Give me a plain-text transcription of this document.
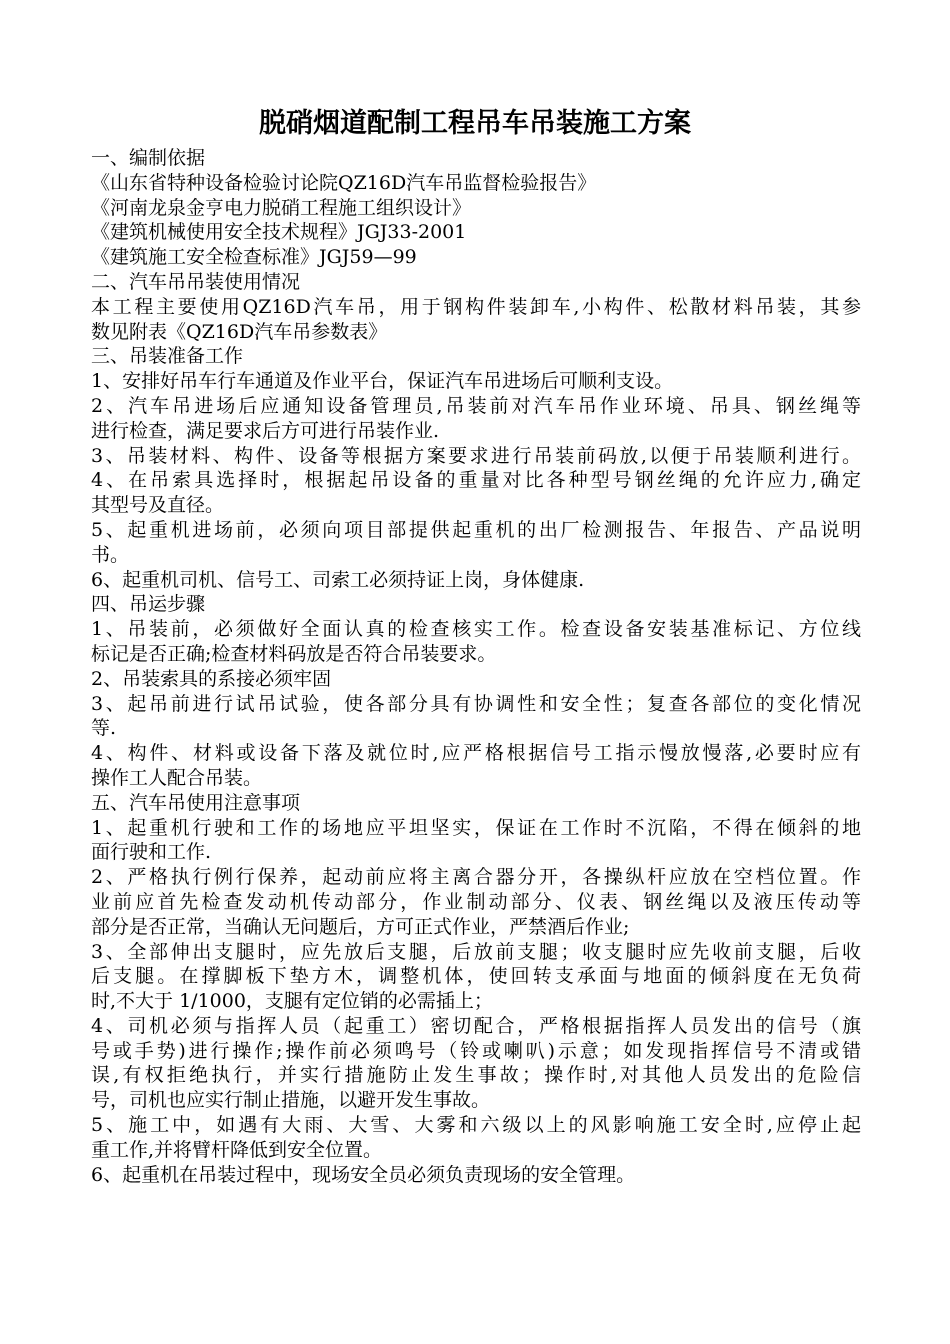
脱硝烟道配制工程吊车吊装施工方案

一、编制依据

《山东省特种设备检验讨论院QZ16D汽车吊监督检验报告》

《河南龙泉金亨电力脱硝工程施工组织设计》

《建筑机械使用安全技术规程》JGJ33-2001

《建筑施工安全检查标准》JGJ59—99

二、汽车吊吊装使用情况

本工程主要使用QZ16D汽车吊，用于钢构件装卸车,小构件、松散材料吊装，其参

数见附表《QZ16D汽车吊参数表》

三、吊装准备工作

1、安排好吊车行车通道及作业平台，保证汽车吊进场后可顺利支设。

2、汽车吊进场后应通知设备管理员,吊装前对汽车吊作业环境、吊具、钢丝绳等

进行检查，满足要求后方可进行吊装作业.

3、吊装材料、构件、设备等根据方案要求进行吊装前码放,以便于吊装顺利进行。

4、在吊索具选择时，根据起吊设备的重量对比各种型号钢丝绳的允许应力,确定

其型号及直径。

5、起重机进场前，必须向项目部提供起重机的出厂检测报告、年报告、产品说明

书。

6、起重机司机、信号工、司索工必须持证上岗，身体健康.

四、吊运步骤

1、吊装前，必须做好全面认真的检查核实工作。检查设备安装基准标记、方位线

标记是否正确;检查材料码放是否符合吊装要求。

2、吊装索具的系接必须牢固

3、起吊前进行试吊试验，使各部分具有协调性和安全性；复查各部位的变化情况

等.

4、构件、材料或设备下落及就位时,应严格根据信号工指示慢放慢落,必要时应有

操作工人配合吊装。

五、汽车吊使用注意事项

1、起重机行驶和工作的场地应平坦坚实，保证在工作时不沉陷，不得在倾斜的地

面行驶和工作.

2、严格执行例行保养，起动前应将主离合器分开，各操纵杆应放在空档位置。作

业前应首先检查发动机传动部分，作业制动部分、仪表、钢丝绳以及液压传动等

部分是否正常，当确认无问题后，方可正式作业，严禁酒后作业;

3、全部伸出支腿时，应先放后支腿，后放前支腿；收支腿时应先收前支腿，后收

后支腿。在撑脚板下垫方木，调整机体，使回转支承面与地面的倾斜度在无负荷

时,不大于 1/1000，支腿有定位销的必需插上；

4、司机必须与指挥人员（起重工）密切配合，严格根据指挥人员发出的信号（旗

号或手势)进行操作;操作前必须鸣号（铃或喇叭)示意；如发现指挥信号不清或错

误,有权拒绝执行，并实行措施防止发生事故；操作时,对其他人员发出的危险信

号，司机也应实行制止措施，以避开发生事故。

5、施工中，如遇有大雨、大雪、大雾和六级以上的风影响施工安全时,应停止起

重工作,并将臂杆降低到安全位置。

6、起重机在吊装过程中，现场安全员必须负责现场的安全管理。
